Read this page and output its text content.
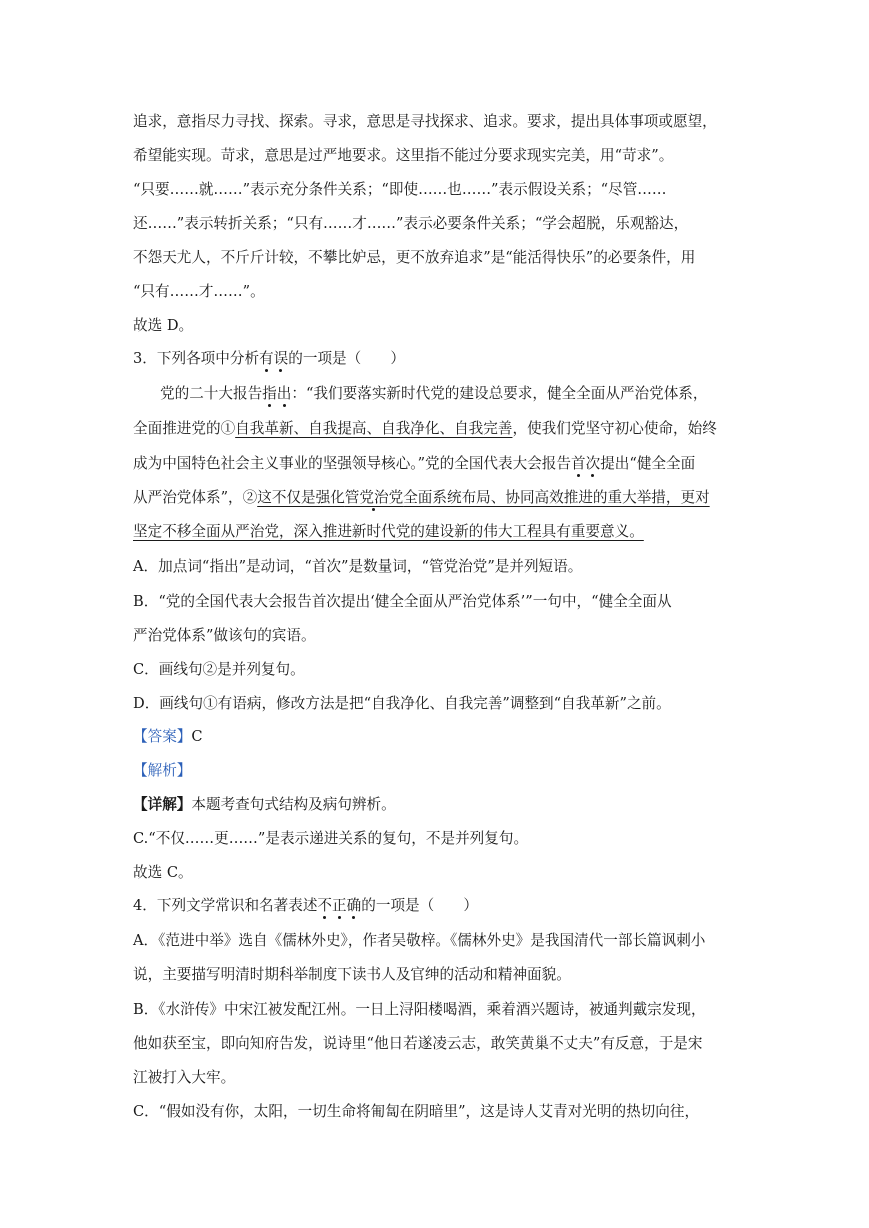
追求，意指尽力寻找、探索。寻求，意思是寻找探求、追求。要求，提出具体事项或愿望，
希望能实现。苛求，意思是过严地要求。这里指不能过分要求现实完美，用“苛求”。
“只要……就……”表示充分条件关系；“即使……也……”表示假设关系；“尽管……
还……”表示转折关系；“只有……才……”表示必要条件关系；“学会超脱，乐观豁达，
不怨天尤人，不斤斤计较，不攀比妒忌，更不放弃追求”是“能活得快乐”的必要条件，用
“只有……才……”。
故选 D。
3．下列各项中分析有误的一项是（　　）
党的二十大报告指出：“我们要落实新时代党的建设总要求，健全全面从严治党体系，
全面推进党的①自我革新、自我提高、自我净化、自我完善，使我们党坚守初心使命，始终
成为中国特色社会主义事业的坚强领导核心。”党的全国代表大会报告首次提出“健全全面
从严治党体系”，②这不仅是强化管党治党全面系统布局、协同高效推进的重大举措，更对
坚定不移全面从严治党，深入推进新时代党的建设新的伟大工程具有重要意义。
A．加点词“指出”是动词，“首次”是数量词，“管党治党”是并列短语。
B．“党的全国代表大会报告首次提出‘健全全面从严治党体系’”一句中，“健全全面从
严治党体系”做该句的宾语。
C．画线句②是并列复句。
D．画线句①有语病，修改方法是把“自我净化、自我完善”调整到“自我革新”之前。
【答案】C
【解析】
【详解】本题考查句式结构及病句辨析。
C.“不仅……更……”是表示递进关系的复句，不是并列复句。
故选 C。
4．下列文学常识和名著表述不正确的一项是（　　）
A．《范进中举》选自《儒林外史》，作者吴敬梓。《儒林外史》是我国清代一部长篇讽刺小
说，主要描写明清时期科举制度下读书人及官绅的活动和精神面貌。
B．《水浒传》中宋江被发配江州。一日上浔阳楼喝酒，乘着酒兴题诗，被通判戴宗发现，
他如获至宝，即向知府告发，说诗里“他日若遂凌云志，敢笑黄巢不丈夫”有反意，于是宋
江被打入大牢。
C．“假如没有你，太阳，一切生命将匍匐在阴暗里”，这是诗人艾青对光明的热切向往，
